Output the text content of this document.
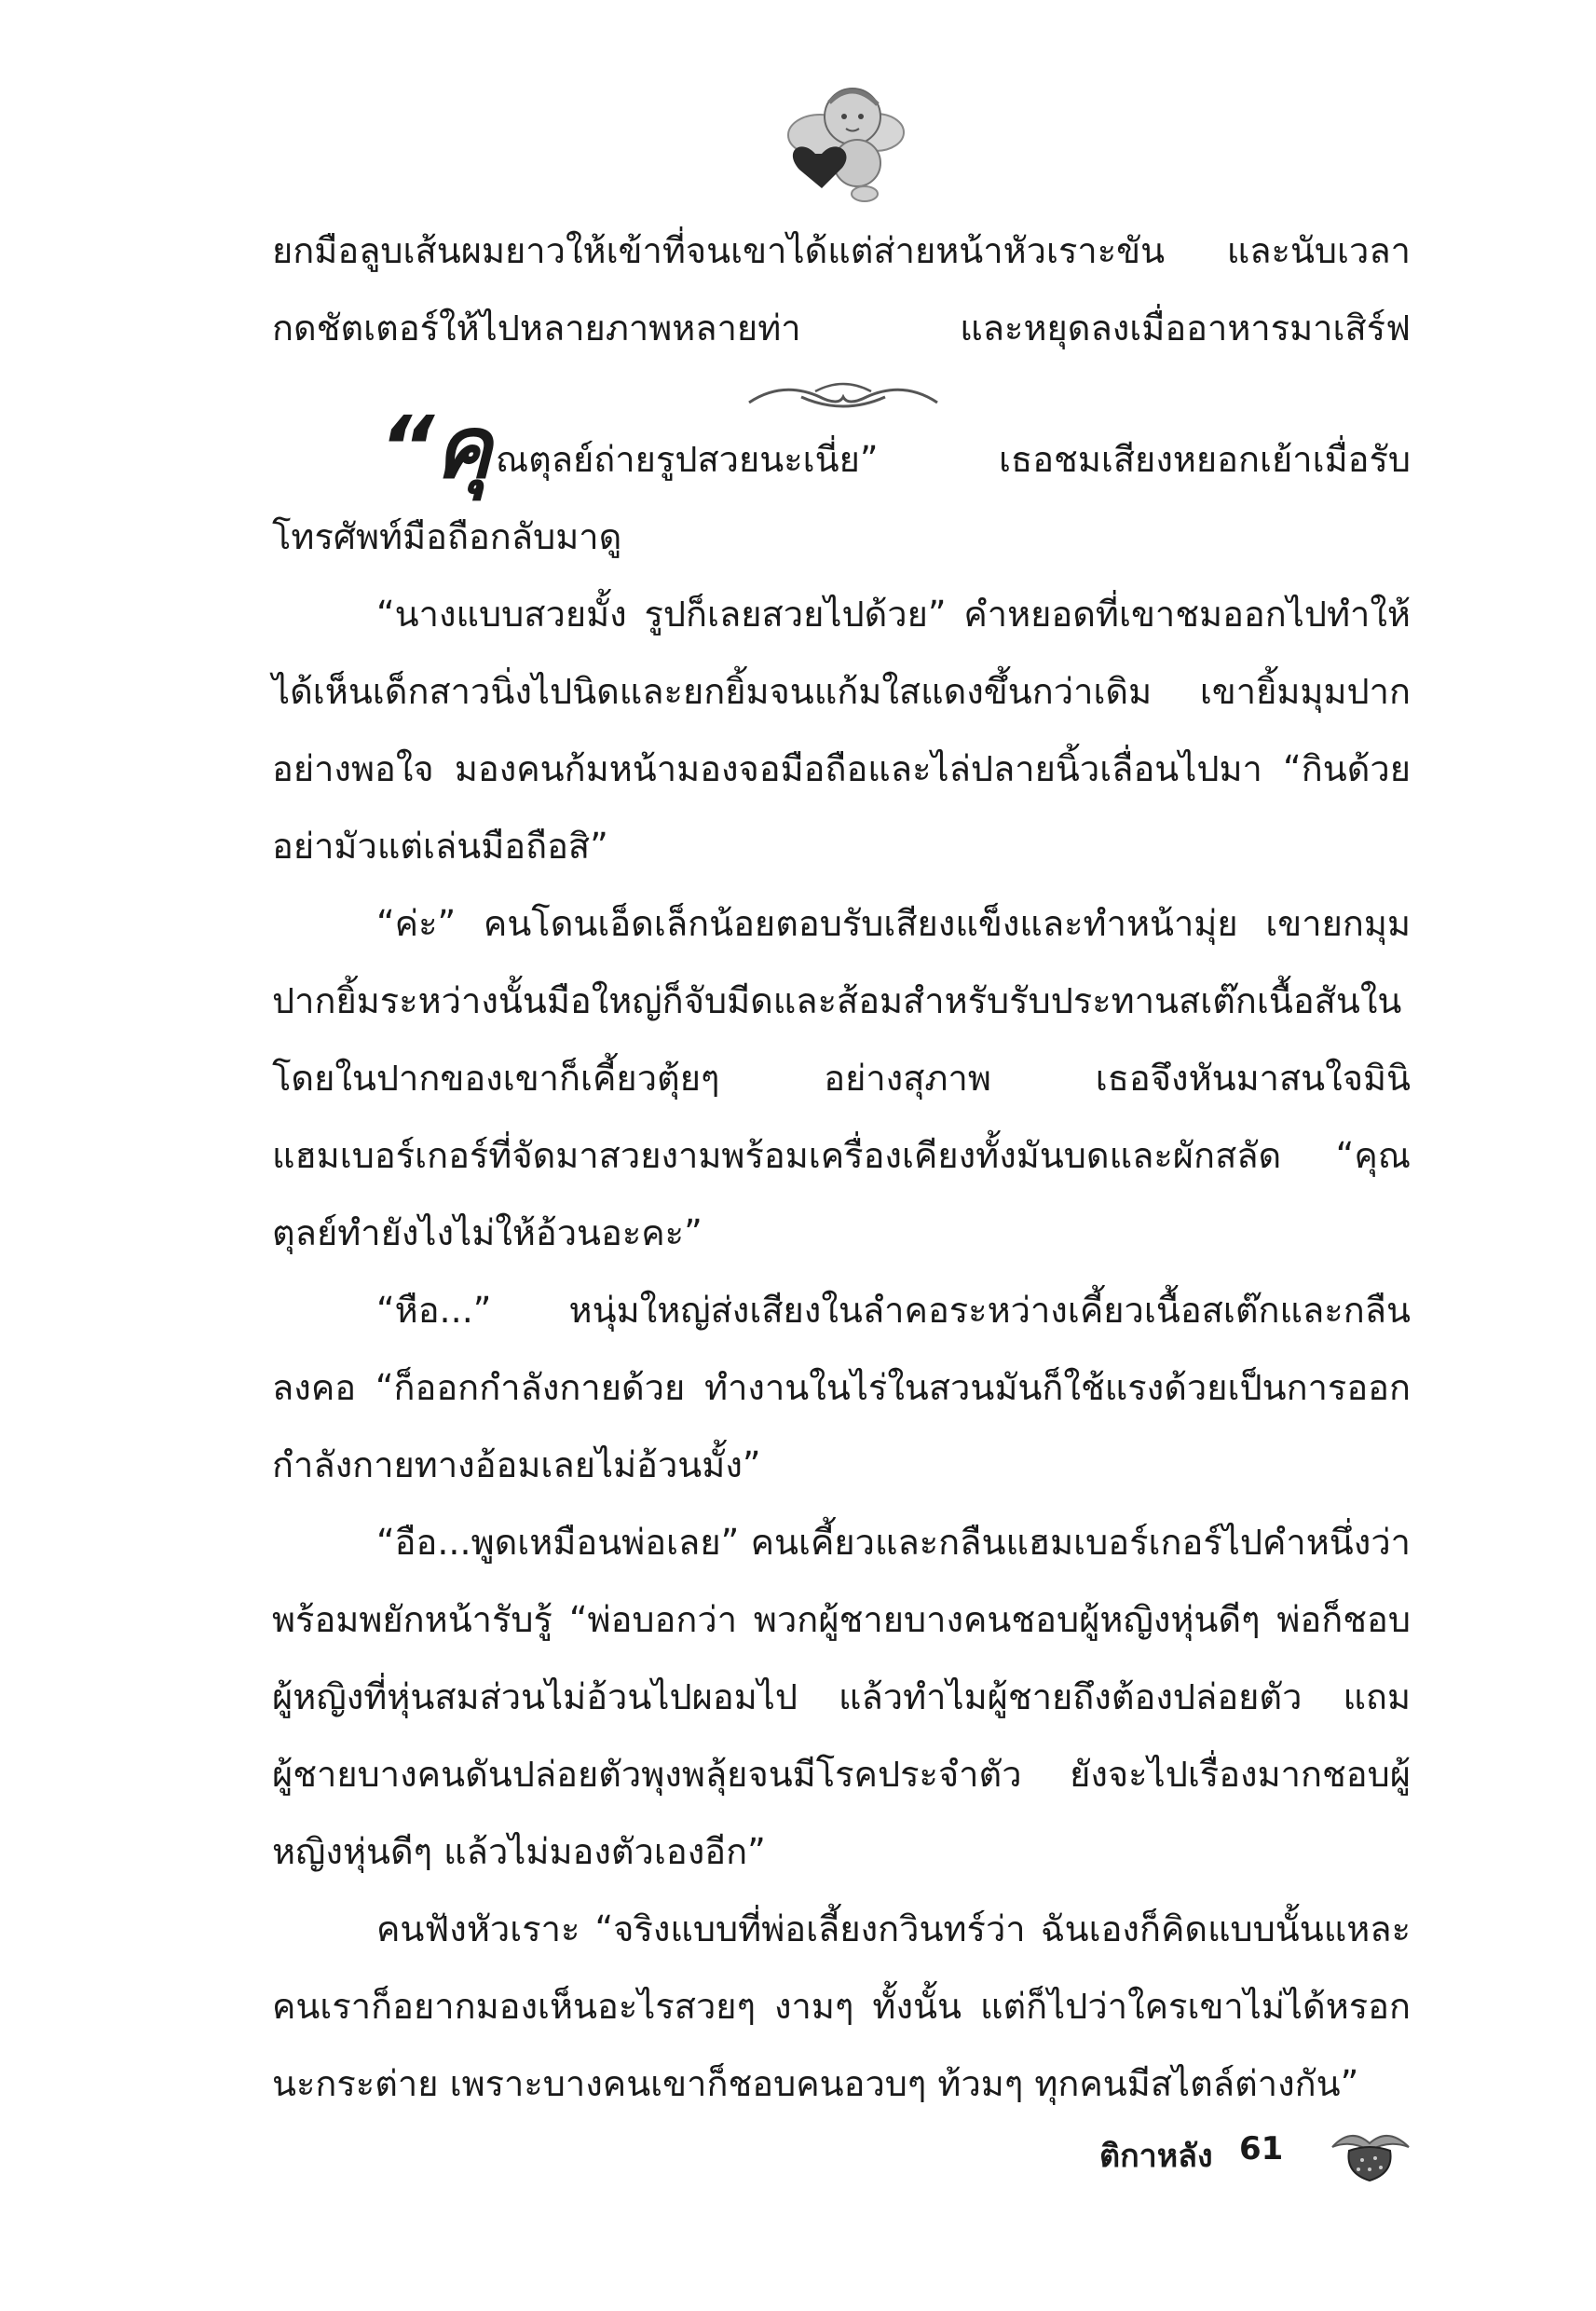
ยกมือลูบเส้นผมยาวให้เข้าที่จนเขาได้แต่ส่ายหน้าหัวเราะขัน และนับเวลา
กดชัตเตอร์ให้ไปหลายภาพหลายท่า และหยุดลงเมื่ออาหารมาเสิร์ฟ

“คุ ณตุลย์ถ่ายรูปสวยนะเนี่ย” เธอชมเสียงหยอกเย้าเมื่อรับโทรศัพท์มือถือกลับมาดู

“นางแบบสวยมั้ง รูปก็เลยสวยไปด้วย” คำหยอดที่เขาชมออกไปทำให้ได้เห็นเด็กสาวนิ่งไปนิดและยกยิ้มจนแก้มใสแดงขึ้นกว่าเดิม เขายิ้มมุมปากอย่างพอใจ มองคนก้มหน้ามองจอมือถือและไล่ปลายนิ้วเลื่อนไปมา “กินด้วย อย่ามัวแต่เล่นมือถือสิ”

“ค่ะ” คนโดนเอ็ดเล็กน้อยตอบรับเสียงแข็งและทำหน้ามุ่ย เขายกมุมปากยิ้มระหว่างนั้นมือใหญ่ก็จับมีดและส้อมสำหรับรับประทานสเต๊กเนื้อสันใน โดยในปากของเขาก็เคี้ยวตุ้ยๆ อย่างสุภาพ เธอจึงหันมาสนใจมินิแฮมเบอร์เกอร์ที่จัดมาสวยงามพร้อมเครื่องเคียงทั้งมันบดและผักสลัด “คุณตุลย์ทำยังไงไม่ให้อ้วนอะคะ”

“หือ...” หนุ่มใหญ่ส่งเสียงในลำคอระหว่างเคี้ยวเนื้อสเต๊กและกลืนลงคอ “ก็ออกกำลังกายด้วย ทำงานในไร่ในสวนมันก็ใช้แรงด้วยเป็นการออกกำลังกายทางอ้อมเลยไม่อ้วนมั้ง”

“อือ...พูดเหมือนพ่อเลย” คนเคี้ยวและกลืนแฮมเบอร์เกอร์ไปคำหนึ่งว่าพร้อมพยักหน้ารับรู้ “พ่อบอกว่า พวกผู้ชายบางคนชอบผู้หญิงหุ่นดีๆ พ่อก็ชอบผู้หญิงที่หุ่นสมส่วนไม่อ้วนไปผอมไป แล้วทำไมผู้ชายถึงต้องปล่อยตัว แถมผู้ชายบางคนดันปล่อยตัวพุงพลุ้ยจนมีโรคประจำตัว ยังจะไปเรื่องมากชอบผู้หญิงหุ่นดีๆ แล้วไม่มองตัวเองอีก”

คนฟังหัวเราะ “จริงแบบที่พ่อเลี้ยงกวินทร์ว่า ฉันเองก็คิดแบบนั้นแหละ คนเราก็อยากมองเห็นอะไรสวยๆ งามๆ ทั้งนั้น แต่ก็ไปว่าใครเขาไม่ได้หรอกนะกระต่าย เพราะบางคนเขาก็ชอบคนอวบๆ ท้วมๆ ทุกคนมีสไตล์ต่างกัน”

ติกาหลัง 61
